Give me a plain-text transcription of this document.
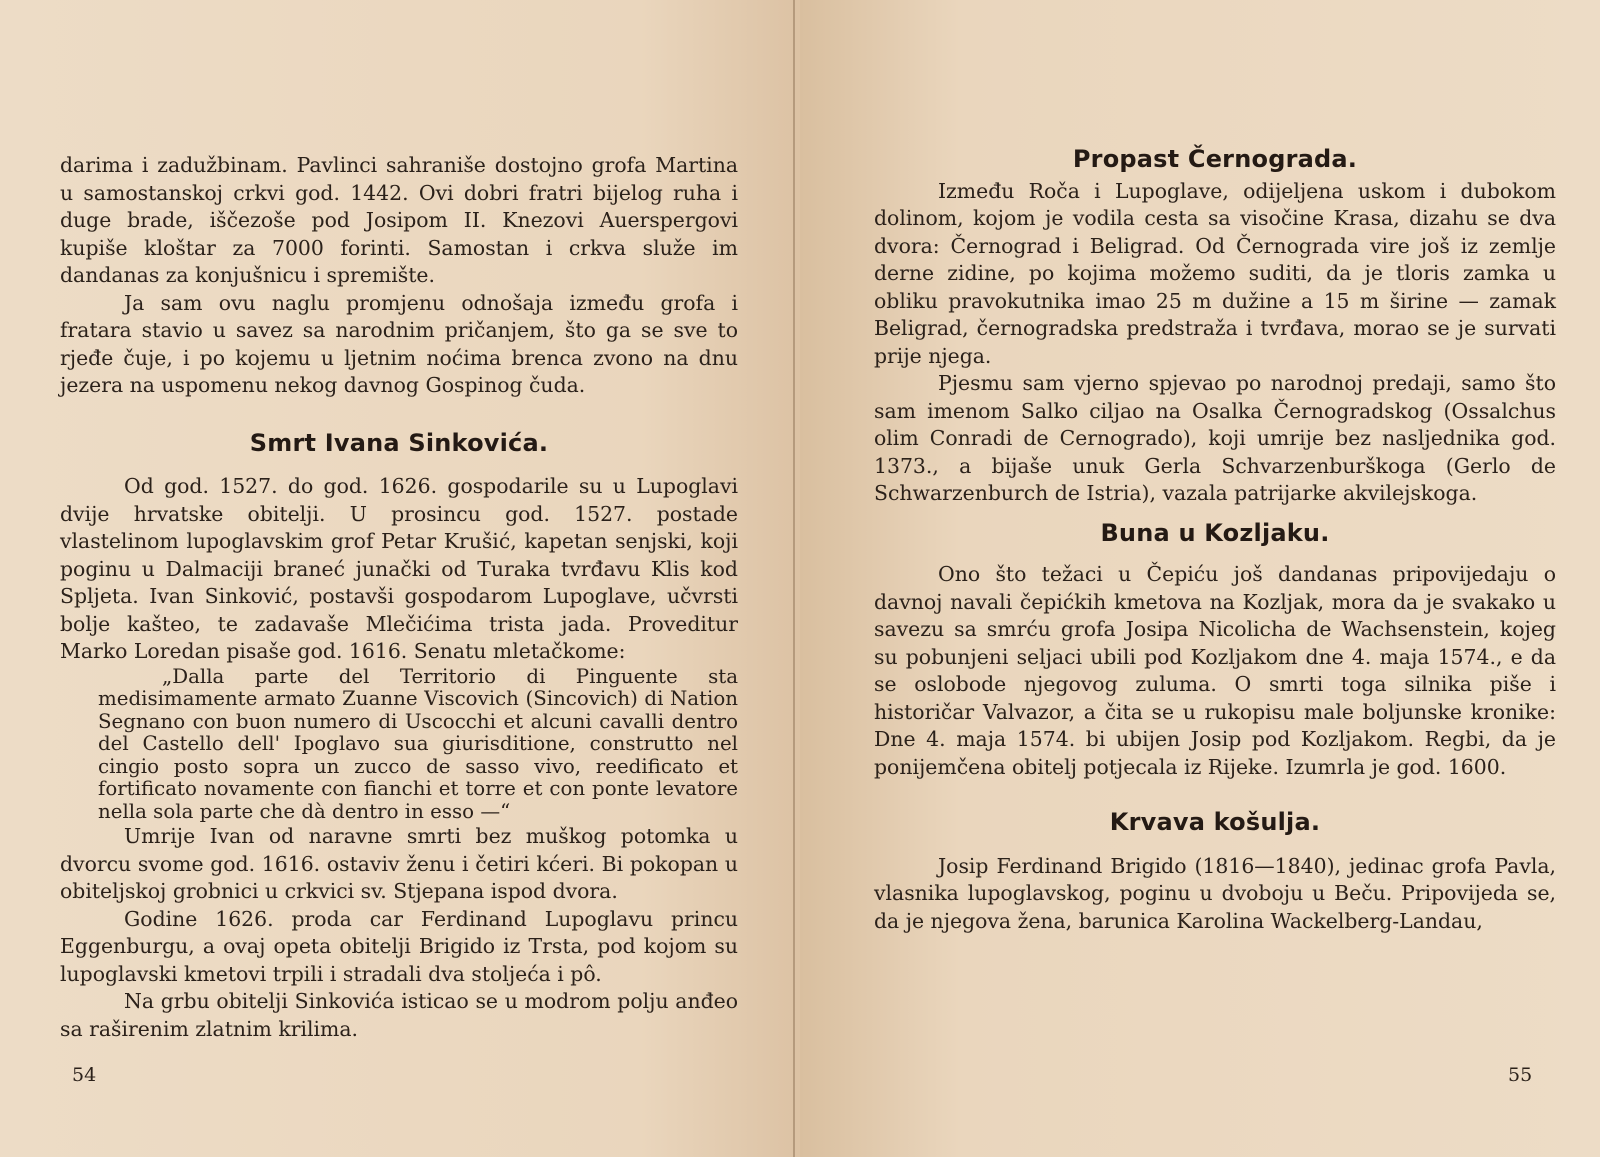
darima i zadužbinam. Pavlinci sahraniše dostojno grofa Martina u samostanskoj crkvi god. 1442. Ovi dobri fratri bijelog ruha i duge brade, iščezoše pod Josipom II. Knezovi Auerspergovi kupiše kloštar za 7000 forinti. Samostan i crkva služe im dandanas za konjušnicu i spremište.

Ja sam ovu naglu promjenu odnošaja između grofa i fratara stavio u savez sa narodnim pričanjem, što ga se sve to rjeđe čuje, i po kojemu u ljetnim noćima brenca zvono na dnu jezera na uspomenu nekog davnog Gospinog čuda.

Smrt Ivana Sinkovića.

Od god. 1527. do god. 1626. gospodarile su u Lupoglavi dvije hrvatske obitelji. U prosincu god. 1527. postade vlastelinom lupoglavskim grof Petar Krušić, kapetan senjski, koji poginu u Dalmaciji braneć junački od Turaka tvrđavu Klis kod Spljeta. Ivan Sinković, postavši gospodarom Lupoglave, učvrsti bolje kašteo, te zadavaše Mlečićima trista jada. Proveditur Marko Loredan pisaše god. 1616. Senatu mletačkome:

„Dalla parte del Territorio di Pinguente sta medisimamente armato Zuanne Viscovich (Sincovich) di Nation Segnano con buon numero di Uscocchi et alcuni cavalli dentro del Castello dell' Ipoglavo sua giurisditione, construtto nel cingio posto sopra un zucco de sasso vivo, reedificato et fortificato novamente con fianchi et torre et con ponte levatore nella sola parte che dà dentro in esso —“

Umrije Ivan od naravne smrti bez muškog potomka u dvorcu svome god. 1616. ostaviv ženu i četiri kćeri. Bi pokopan u obiteljskoj grobnici u crkvici sv. Stjepana ispod dvora.

Godine 1626. proda car Ferdinand Lupoglavu princu Eggenburgu, a ovaj opeta obitelji Brigido iz Trsta, pod kojom su lupoglavski kmetovi trpili i stradali dva stoljeća i pô.

Na grbu obitelji Sinkovića isticao se u modrom polju anđeo sa raširenim zlatnim krilima.

54
Propast Černograda.

Između Roča i Lupoglave, odijeljena uskom i dubokom dolinom, kojom je vodila cesta sa visočine Krasa, dizahu se dva dvora: Černograd i Beligrad. Od Černograda vire još iz zemlje derne zidine, po kojima možemo suditi, da je tloris zamka u obliku pravokutnika imao 25 m dužine a 15 m širine — zamak Beligrad, černogradska predstraža i tvrđava, morao se je survati prije njega.

Pjesmu sam vjerno spjevao po narodnoj predaji, samo što sam imenom Salko ciljao na Osalka Černogradskog (Ossalchus olim Conradi de Cernogrado), koji umrije bez nasljednika god. 1373., a bijaše unuk Gerla Schvarzenburškoga (Gerlo de Schwarzenburch de Istria), vazala patrijarke akvilejskoga.

Buna u Kozljaku.

Ono što težaci u Čepiću još dandanas pripovijedaju o davnoj navali čepićkih kmetova na Kozljak, mora da je svakako u savezu sa smrću grofa Josipa Nicolicha de Wachsenstein, kojeg su pobunjeni seljaci ubili pod Kozljakom dne 4. maja 1574., e da se oslobode njegovog zuluma. O smrti toga silnika piše i historičar Valvazor, a čita se u rukopisu male boljunske kronike: Dne 4. maja 1574. bi ubijen Josip pod Kozljakom. Regbi, da je ponijemčena obitelj potjecala iz Rijeke. Izumrla je god. 1600.

Krvava košulja.

Josip Ferdinand Brigido (1816—1840), jedinac grofa Pavla, vlasnika lupoglavskog, poginu u dvoboju u Beču. Pripovijeda se, da je njegova žena, barunica Karolina Wackelberg-Landau,

55
